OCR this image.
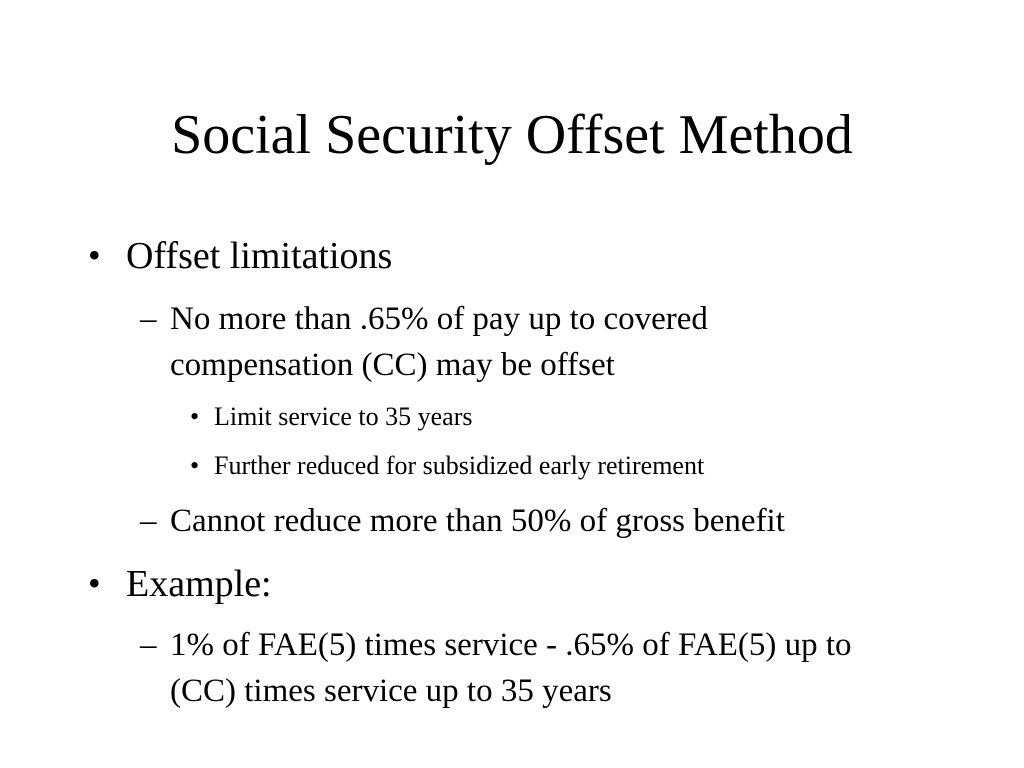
Social Security Offset Method
• Offset limitations
– No more than .65% of pay up to covered compensation (CC) may be offset
• Limit service to 35 years
• Further reduced for subsidized early retirement
– Cannot reduce more than 50% of gross benefit
• Example:
– 1% of FAE(5) times service - .65% of FAE(5) up to (CC) times service up to 35 years
